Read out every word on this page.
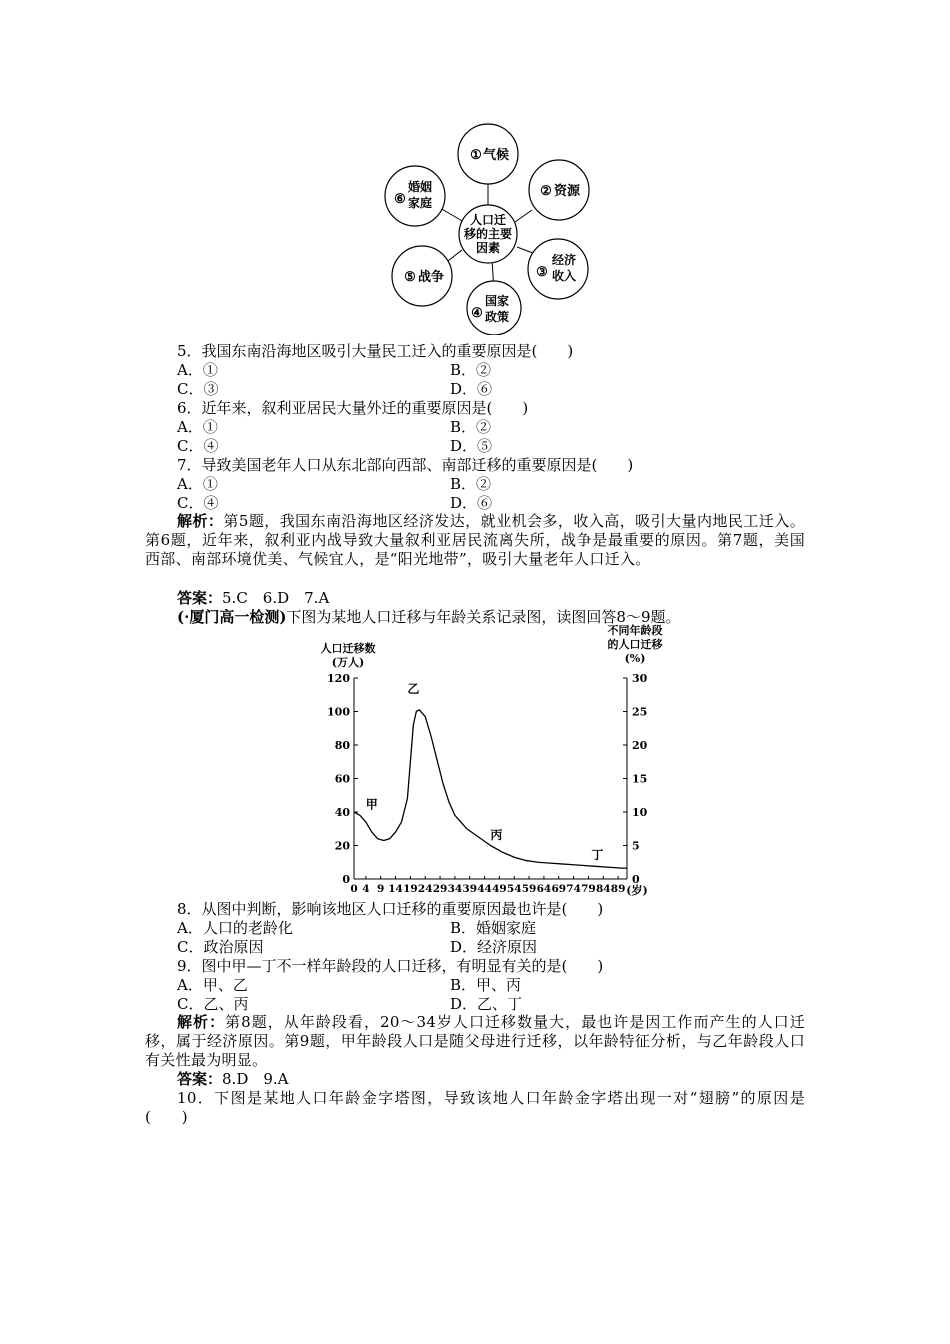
人口迁
移的主要
因素
① 气候
② 资源
③
经济
收入
④
国家
政策
⑤ 战争
⑥
婚姻
家庭
5．我国东南沿海地区吸引大量民工迁入的重要原因是(　　)
A．①	B．②
C．③	D．⑥
6．近年来，叙利亚居民大量外迁的重要原因是(　　)
A．①	B．②
C．④	D．⑤
7．导致美国老年人口从东北部向西部、南部迁移的重要原因是(　　)
A．①	B．②
C．④	D．⑥
解析：第5题，我国东南沿海地区经济发达，就业机会多，收入高，吸引大量内地民工迁入。第6题，近年来，叙利亚内战导致大量叙利亚居民流离失所，战争是最重要的原因。第7题，美国西部、南部环境优美、气候宜人，是“阳光地带”，吸引大量老年人口迁入。
答案：5.C　6.D　7.A
(·厦门高一检测)下图为某地人口迁移与年龄关系记录图，读图回答8～9题。
0
20
40
60
80
100
120
0
5
10
15
20
25
30
0 4 9 14 19 24 29 34 39 44 49 54 59 64 69 74 79 84 89 (岁)
人口迁移数
(万人)
不同年龄段
的人口迁移
(%)
甲
乙
丙
丁
8．从图中判断，影响该地区人口迁移的重要原因最也许是(　　)
A．人口的老龄化	B．婚姻家庭
C．政治原因	D．经济原因
9．图中甲—丁不一样年龄段的人口迁移，有明显有关的是(　　)
A．甲、乙	B．甲、丙
C．乙、丙	D．乙、丁
解析：第8题，从年龄段看，20～34岁人口迁移数量大，最也许是因工作而产生的人口迁移，属于经济原因。第9题，甲年龄段人口是随父母进行迁移，以年龄特征分析，与乙年龄段人口有关性最为明显。
答案：8.D　9.A
10．下图是某地人口年龄金字塔图，导致该地人口年龄金字塔出现一对“翅膀”的原因是(　　)
